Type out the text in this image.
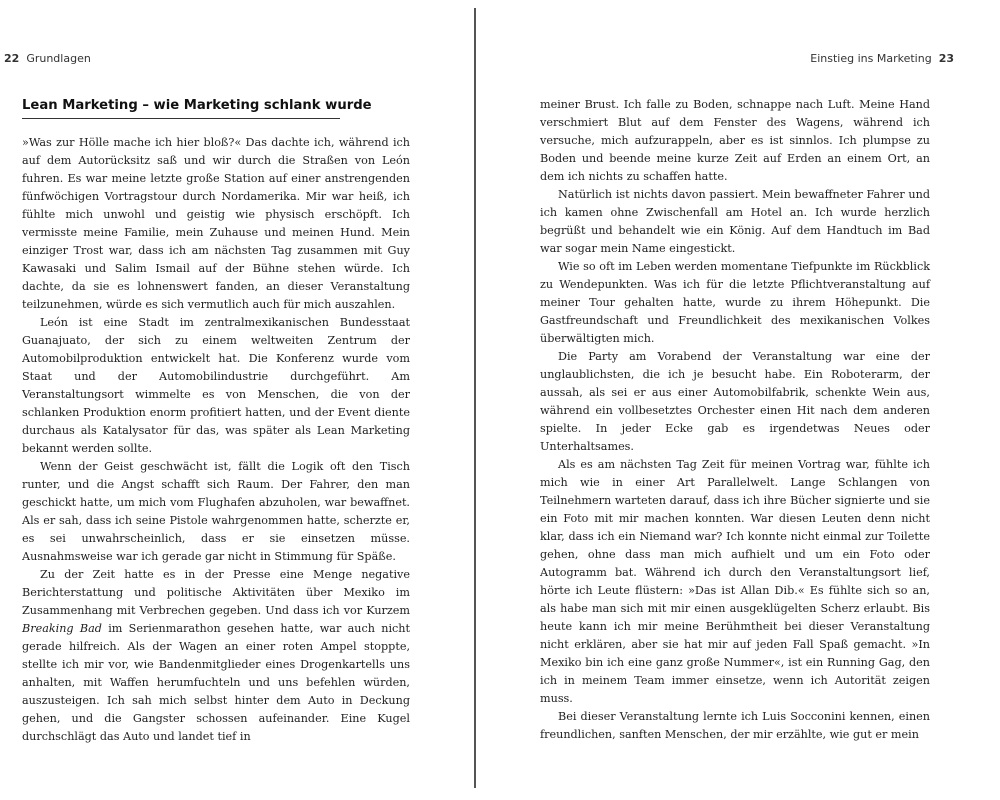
22 Grundlagen
Lean Marketing – wie Marketing schlank wurde

»Was zur Hölle mache ich hier bloß?« Das dachte ich, während ich auf dem Autorücksitz saß und wir durch die Straßen von León fuhren. Es war meine letzte große Station auf einer anstrengenden fünfwöchigen Vortragstour durch Nordamerika. Mir war heiß, ich fühlte mich unwohl und geistig wie physisch erschöpft. Ich vermisste meine Familie, mein Zuhause und meinen Hund. Mein einziger Trost war, dass ich am nächsten Tag zusammen mit Guy Kawasaki und Salim Ismail auf der Bühne stehen würde. Ich dachte, da sie es lohnenswert fanden, an dieser Veranstaltung teilzunehmen, würde es sich vermutlich auch für mich auszahlen.

León ist eine Stadt im zentralmexikanischen Bundesstaat Guanajuato, der sich zu einem weltweiten Zentrum der Automobilproduktion entwickelt hat. Die Konferenz wurde vom Staat und der Automobilindustrie durchgeführt. Am Veranstaltungsort wimmelte es von Menschen, die von der schlanken Produktion enorm profitiert hatten, und der Event diente durchaus als Katalysator für das, was später als Lean Marketing bekannt werden sollte.

Wenn der Geist geschwächt ist, fällt die Logik oft den Tisch runter, und die Angst schafft sich Raum. Der Fahrer, den man geschickt hatte, um mich vom Flughafen abzuholen, war bewaffnet. Als er sah, dass ich seine Pistole wahrgenommen hatte, scherzte er, es sei unwahrscheinlich, dass er sie einsetzen müsse. Ausnahmsweise war ich gerade gar nicht in Stimmung für Späße.

Zu der Zeit hatte es in der Presse eine Menge negative Berichterstattung und politische Aktivitäten über Mexiko im Zusammenhang mit Verbrechen gegeben. Und dass ich vor Kurzem Breaking Bad im Serienmarathon gesehen hatte, war auch nicht gerade hilfreich. Als der Wagen an einer roten Ampel stoppte, stellte ich mir vor, wie Bandenmitglieder eines Drogenkartells uns anhalten, mit Waffen herumfuchteln und uns befehlen würden, auszusteigen. Ich sah mich selbst hinter dem Auto in Deckung gehen, und die Gangster schossen aufeinander. Eine Kugel durchschlägt das Auto und landet tief in

Einstieg ins Marketing 23

meiner Brust. Ich falle zu Boden, schnappe nach Luft. Meine Hand verschmiert Blut auf dem Fenster des Wagens, während ich versuche, mich aufzurappeln, aber es ist sinnlos. Ich plumpse zu Boden und beende meine kurze Zeit auf Erden an einem Ort, an dem ich nichts zu schaffen hatte.

Natürlich ist nichts davon passiert. Mein bewaffneter Fahrer und ich kamen ohne Zwischenfall am Hotel an. Ich wurde herzlich begrüßt und behandelt wie ein König. Auf dem Handtuch im Bad war sogar mein Name eingestickt.

Wie so oft im Leben werden momentane Tiefpunkte im Rückblick zu Wendepunkten. Was ich für die letzte Pflichtveranstaltung auf meiner Tour gehalten hatte, wurde zu ihrem Höhepunkt. Die Gastfreundschaft und Freundlichkeit des mexikanischen Volkes überwältigten mich.

Die Party am Vorabend der Veranstaltung war eine der unglaublichsten, die ich je besucht habe. Ein Roboterarm, der aussah, als sei er aus einer Automobilfabrik, schenkte Wein aus, während ein vollbesetztes Orchester einen Hit nach dem anderen spielte. In jeder Ecke gab es irgendetwas Neues oder Unterhaltsames.

Als es am nächsten Tag Zeit für meinen Vortrag war, fühlte ich mich wie in einer Art Parallelwelt. Lange Schlangen von Teilnehmern warteten darauf, dass ich ihre Bücher signierte und sie ein Foto mit mir machen konnten. War diesen Leuten denn nicht klar, dass ich ein Niemand war? Ich konnte nicht einmal zur Toilette gehen, ohne dass man mich aufhielt und um ein Foto oder Autogramm bat. Während ich durch den Veranstaltungsort lief, hörte ich Leute flüstern: »Das ist Allan Dib.« Es fühlte sich so an, als habe man sich mit mir einen ausgeklügelten Scherz erlaubt. Bis heute kann ich mir meine Berühmtheit bei dieser Veranstaltung nicht erklären, aber sie hat mir auf jeden Fall Spaß gemacht. »In Mexiko bin ich eine ganz große Nummer«, ist ein Running Gag, den ich in meinem Team immer einsetze, wenn ich Autorität zeigen muss.

Bei dieser Veranstaltung lernte ich Luis Socconini kennen, einen freundlichen, sanften Menschen, der mir erzählte, wie gut er mein
